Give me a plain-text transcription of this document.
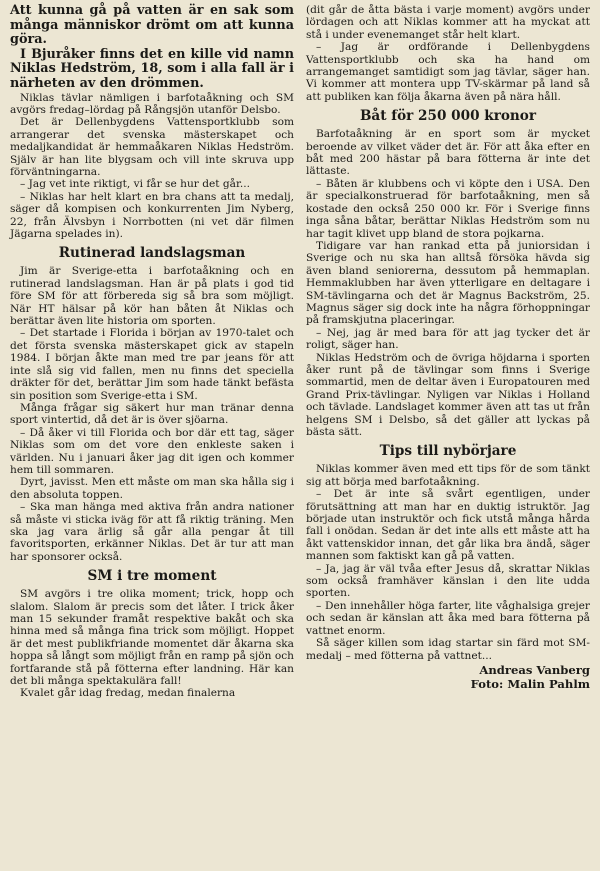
Att kunna gå på vatten är en sak som många människor drömt om att kunna göra.

I Bjuråker finns det en kille vid namn Niklas Hedström, 18, som i alla fall är i närheten av den drömmen.

Niklas tävlar nämligen i barfotaåkning och SM avgörs fredag–lördag på Rångsjön utanför Delsbo.

Det är Dellenbygdens Vattensportklubb som arrangerar det svenska mästerskapet och medaljkandidat är hemmaåkaren Niklas Hedström. Själv är han lite blygsam och vill inte skruva upp förväntningarna.

– Jag vet inte riktigt, vi får se hur det går...

– Niklas har helt klart en bra chans att ta medalj, säger då kompisen och konkurrenten Jim Nyberg, 22, från Älvsbyn i Norrbotten (ni vet där filmen Jägarna spelades in).

Rutinerad landslagsman

Jim är Sverige-etta i barfotaåkning och en rutinerad landslagsman. Han är på plats i god tid före SM för att förbereda sig så bra som möjligt. När HT hälsar på kör han båten åt Niklas och berättar även lite historia om sporten.

– Det startade i Florida i början av 1970-talet och det första svenska mästerskapet gick av stapeln 1984. I början åkte man med tre par jeans för att inte slå sig vid fallen, men nu finns det speciella dräkter för det, berättar Jim som hade tänkt befästa sin position som Sverige-etta i SM.

Många frågar sig säkert hur man tränar denna sport vintertid, då det är is över sjöarna.

– Då åker vi till Florida och bor där ett tag, säger Niklas som om det vore den enkleste saken i världen. Nu i januari åker jag dit igen och kommer hem till sommaren.

Dyrt, javisst. Men ett måste om man ska hålla sig i den absoluta toppen.

– Ska man hänga med aktiva från andra nationer så måste vi sticka iväg för att få riktig träning. Men ska jag vara ärlig så går alla pengar åt till favoritsporten, erkänner Niklas. Det är tur att man har sponsorer också.

SM i tre moment

SM avgörs i tre olika moment; trick, hopp och slalom. Slalom är precis som det låter. I trick åker man 15 sekunder framåt respektive bakåt och ska hinna med så många fina trick som möjligt. Hoppet är det mest publikfriande momentet där åkarna ska hoppa så långt som möjligt från en ramp på sjön och fortfarande stå på fötterna efter landning. Här kan det bli många spektakulära fall!

Kvalet går idag fredag, medan finalerna

(dit går de åtta bästa i varje moment) avgörs under lördagen och att Niklas kommer att ha myckat att stå i under evenemanget står helt klart.

– Jag är ordförande i Dellenbygdens Vattensportklubb och ska ha hand om arrangemanget samtidigt som jag tävlar, säger han. Vi kommer att montera upp TV-skärmar på land så att publiken kan följa åkarna även på nära håll.

Båt för 250 000 kronor

Barfotaåkning är en sport som är mycket beroende av vilket väder det är. För att åka efter en båt med 200 hästar på bara fötterna är inte det lättaste.

– Båten är klubbens och vi köpte den i USA. Den är specialkonstruerad för barfotaåkning, men så kostade den också 250 000 kr. För i Sverige finns inga såna båtar, berättar Niklas Hedström som nu har tagit klivet upp bland de stora pojkarna.

Tidigare var han rankad etta på juniorsidan i Sverige och nu ska han alltså försöka hävda sig även bland seniorerna, dessutom på hemmaplan. Hemmaklubben har även ytterligare en deltagare i SM-tävlingarna och det är Magnus Backström, 25. Magnus säger sig dock inte ha några förhoppningar på framskjutna placeringar.

– Nej, jag är med bara för att jag tycker det är roligt, säger han.

Niklas Hedström och de övriga höjdarna i sporten åker runt på de tävlingar som finns i Sverige sommartid, men de deltar även i Europatouren med Grand Prix-tävlingar. Nyligen var Niklas i Holland och tävlade. Landslaget kommer även att tas ut från helgens SM i Delsbo, så det gäller att lyckas på bästa sätt.

Tips till nybörjare

Niklas kommer även med ett tips för de som tänkt sig att börja med barfotaåkning.

– Det är inte så svårt egentligen, under förutsättning att man har en duktig istruktör. Jag började utan instruktör och fick utstå många hårda fall i onödan. Sedan är det inte alls ett måste att ha åkt vattenskidor innan, det går lika bra ändå, säger mannen som faktiskt kan gå på vatten.

– Ja, jag är väl tvåa efter Jesus då, skrattar Niklas som också framhäver känslan i den lite udda sporten.

– Den innehåller höga farter, lite våghalsiga grejer och sedan är känslan att åka med bara fötterna på vattnet enorm.

Så säger killen som idag startar sin färd mot SM-medalj – med fötterna på vattnet...

Andreas Vanberg
Foto: Malin Pahlm
